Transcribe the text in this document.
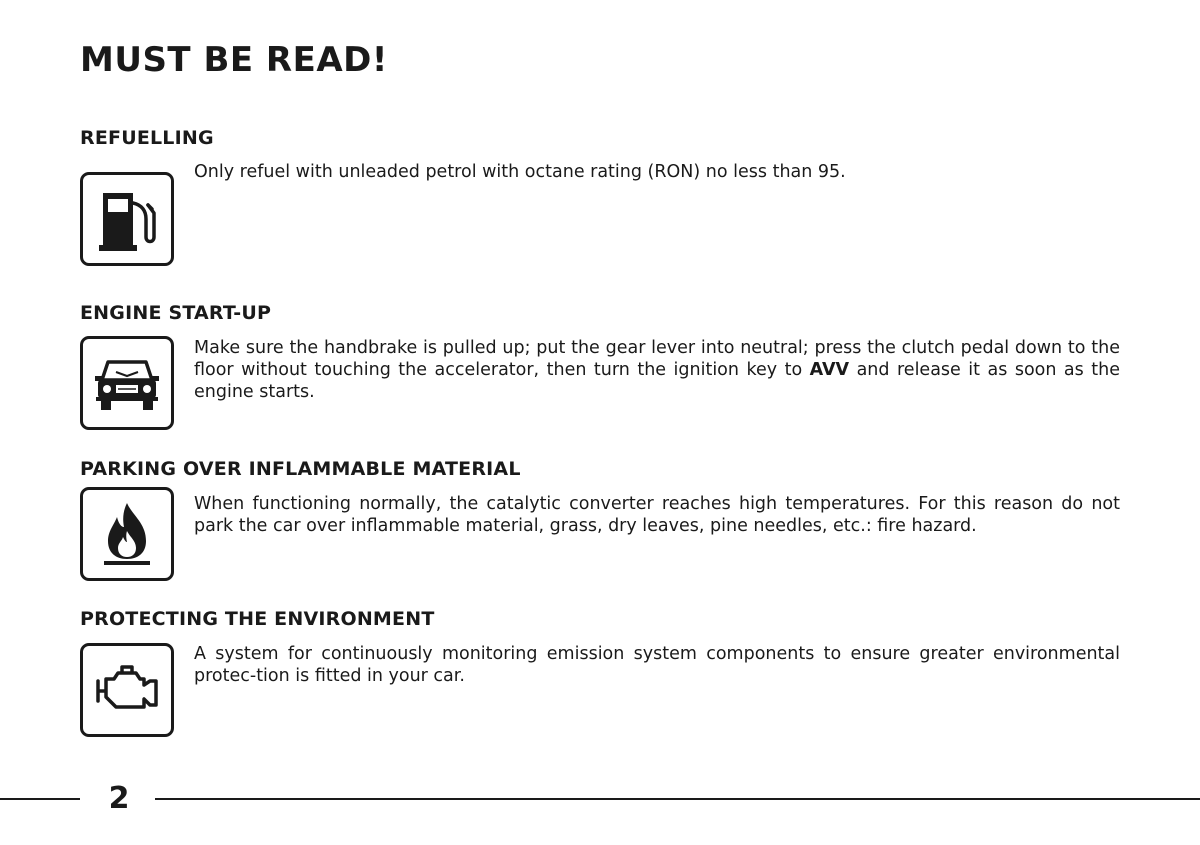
MUST BE READ!
REFUELLING

Only refuel with unleaded petrol with octane rating (RON) no less than 95.

ENGINE START-UP

Make sure the handbrake is pulled up; put the gear lever into neutral; press the clutch pedal down to the floor without touching the accelerator, then turn the ignition key to AVV and release it as soon as the engine starts.

PARKING OVER INFLAMMABLE MATERIAL

When functioning normally, the catalytic converter reaches high temperatures. For this reason do not park the car over inflammable material, grass, dry leaves, pine needles, etc.: fire hazard.

PROTECTING THE ENVIRONMENT

A system for continuously monitoring emission system components to ensure greater environmental protec-tion is fitted in your car.

2
